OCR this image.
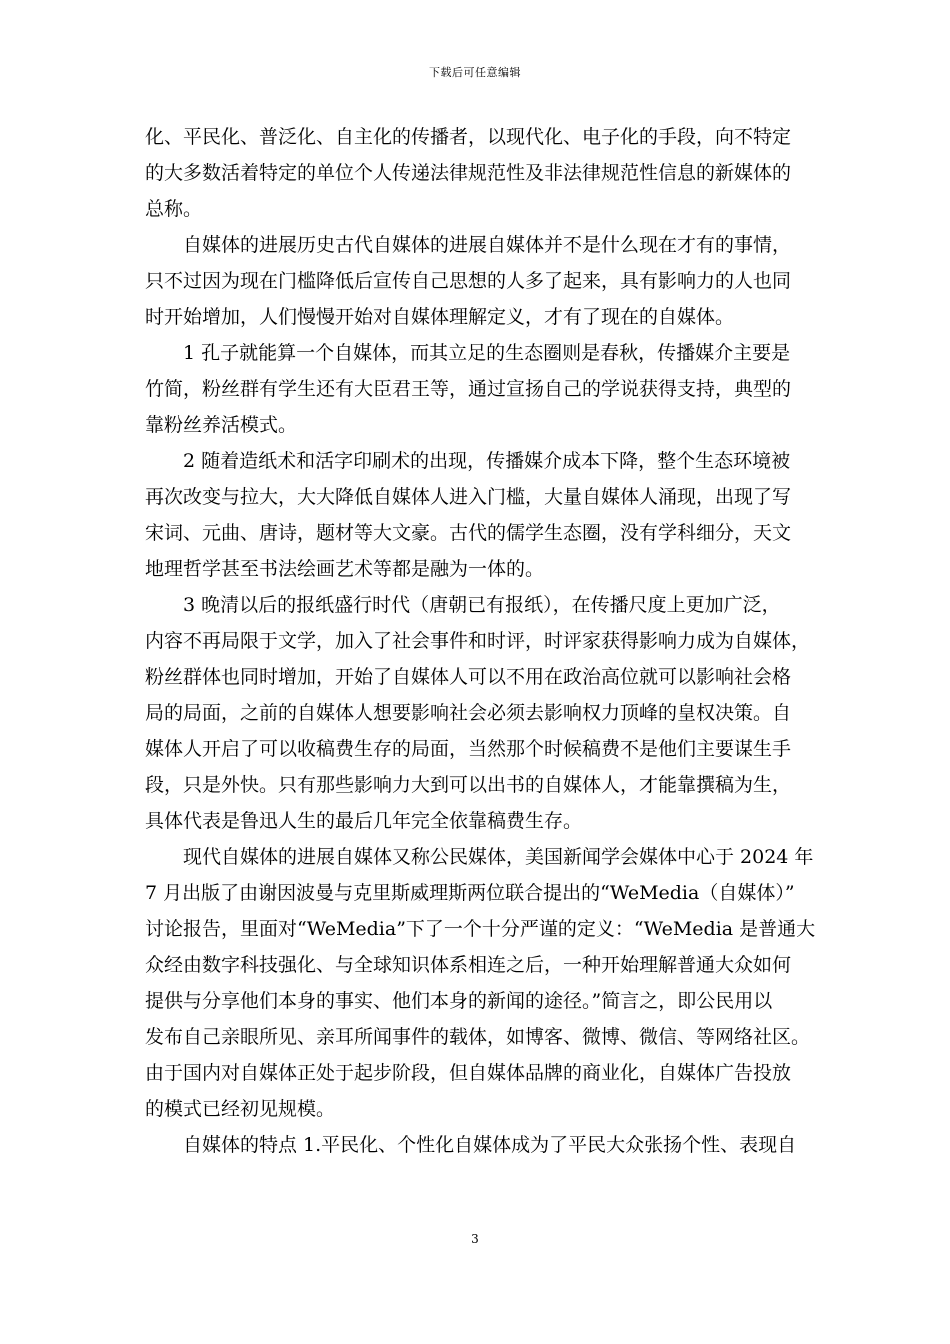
下载后可任意编辑
化、平民化、普泛化、自主化的传播者，以现代化、电子化的手段，向不特定
的大多数活着特定的单位个人传递法律规范性及非法律规范性信息的新媒体的
总称。
自媒体的进展历史古代自媒体的进展自媒体并不是什么现在才有的事情，
只不过因为现在门槛降低后宣传自己思想的人多了起来，具有影响力的人也同
时开始增加，人们慢慢开始对自媒体理解定义，才有了现在的自媒体。
1 孔子就能算一个自媒体，而其立足的生态圈则是春秋，传播媒介主要是
竹简，粉丝群有学生还有大臣君王等，通过宣扬自己的学说获得支持，典型的
靠粉丝养活模式。
2 随着造纸术和活字印刷术的出现，传播媒介成本下降，整个生态环境被
再次改变与拉大，大大降低自媒体人进入门槛，大量自媒体人涌现，出现了写
宋词、元曲、唐诗，题材等大文豪。古代的儒学生态圈，没有学科细分，天文
地理哲学甚至书法绘画艺术等都是融为一体的。
3 晚清以后的报纸盛行时代（唐朝已有报纸），在传播尺度上更加广泛，
内容不再局限于文学，加入了社会事件和时评，时评家获得影响力成为自媒体，
粉丝群体也同时增加，开始了自媒体人可以不用在政治高位就可以影响社会格
局的局面，之前的自媒体人想要影响社会必须去影响权力顶峰的皇权决策。自
媒体人开启了可以收稿费生存的局面，当然那个时候稿费不是他们主要谋生手
段，只是外快。只有那些影响力大到可以出书的自媒体人，才能靠撰稿为生，
具体代表是鲁迅人生的最后几年完全依靠稿费生存。
现代自媒体的进展自媒体又称公民媒体，美国新闻学会媒体中心于 2024 年
7 月出版了由谢因波曼与克里斯威理斯两位联合提出的“WeMedia（自媒体）”
讨论报告，里面对“WeMedia”下了一个十分严谨的定义：“WeMedia 是普通大
众经由数字科技强化、与全球知识体系相连之后，一种开始理解普通大众如何
提供与分享他们本身的事实、他们本身的新闻的途径。”简言之，即公民用以
发布自己亲眼所见、亲耳所闻事件的载体，如博客、微博、微信、等网络社区。
由于国内对自媒体正处于起步阶段，但自媒体品牌的商业化，自媒体广告投放
的模式已经初见规模。
自媒体的特点 1.平民化、个性化自媒体成为了平民大众张扬个性、表现自
3
